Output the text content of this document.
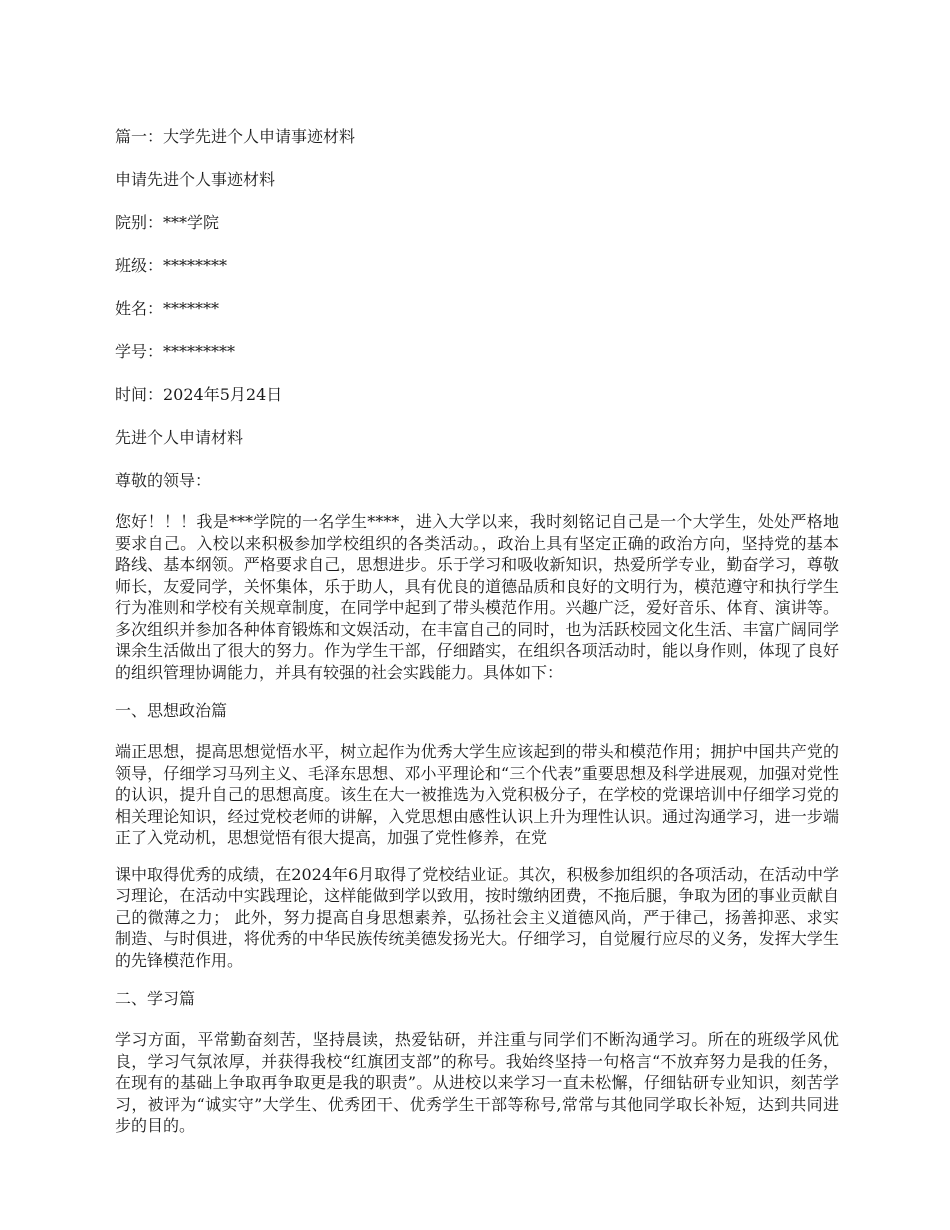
篇一：大学先进个人申请事迹材料
申请先进个人事迹材料
院别：***学院
班级：********
姓名：*******
学号：*********
时间：2024年5月24日
先进个人申请材料
尊敬的领导：
您好！！！我是***学院的一名学生****，进入大学以来，我时刻铭记自己是一个大学生，处处严格地要求自己。入校以来积极参加学校组织的各类活动。，政治上具有坚定正确的政治方向，坚持党的基本路线、基本纲领。严格要求自己，思想进步。乐于学习和吸收新知识，热爱所学专业，勤奋学习，尊敬师长，友爱同学，关怀集体，乐于助人，具有优良的道德品质和良好的文明行为，模范遵守和执行学生行为准则和学校有关规章制度，在同学中起到了带头模范作用。兴趣广泛，爱好音乐、体育、演讲等。多次组织并参加各种体育锻炼和文娱活动，在丰富自己的同时，也为活跃校园文化生活、丰富广阔同学课余生活做出了很大的努力。作为学生干部，仔细踏实，在组织各项活动时，能以身作则，体现了良好的组织管理协调能力，并具有较强的社会实践能力。具体如下：
一、思想政治篇
端正思想，提高思想觉悟水平，树立起作为优秀大学生应该起到的带头和模范作用；拥护中国共产党的领导，仔细学习马列主义、毛泽东思想、邓小平理论和“三个代表”重要思想及科学进展观，加强对党性的认识，提升自己的思想高度。该生在大一被推选为入党积极分子，在学校的党课培训中仔细学习党的相关理论知识，经过党校老师的讲解，入党思想由感性认识上升为理性认识。通过沟通学习，进一步端正了入党动机，思想觉悟有很大提高，加强了党性修养，在党
课中取得优秀的成绩，在2024年6月取得了党校结业证。其次，积极参加组织的各项活动，在活动中学习理论，在活动中实践理论，这样能做到学以致用，按时缴纳团费，不拖后腿，争取为团的事业贡献自己的微薄之力； 此外，努力提高自身思想素养，弘扬社会主义道德风尚，严于律己，扬善抑恶、求实制造、与时俱进，将优秀的中华民族传统美德发扬光大。仔细学习，自觉履行应尽的义务，发挥大学生的先锋模范作用。
二、学习篇
学习方面，平常勤奋刻苦，坚持晨读，热爱钻研，并注重与同学们不断沟通学习。所在的班级学风优良，学习气氛浓厚，并获得我校“红旗团支部”的称号。我始终坚持一句格言“不放弃努力是我的任务，在现有的基础上争取再争取更是我的职责”。从进校以来学习一直未松懈，仔细钻研专业知识，刻苦学习，被评为“诚实守”大学生、优秀团干、优秀学生干部等称号,常常与其他同学取长补短，达到共同进步的目的。
